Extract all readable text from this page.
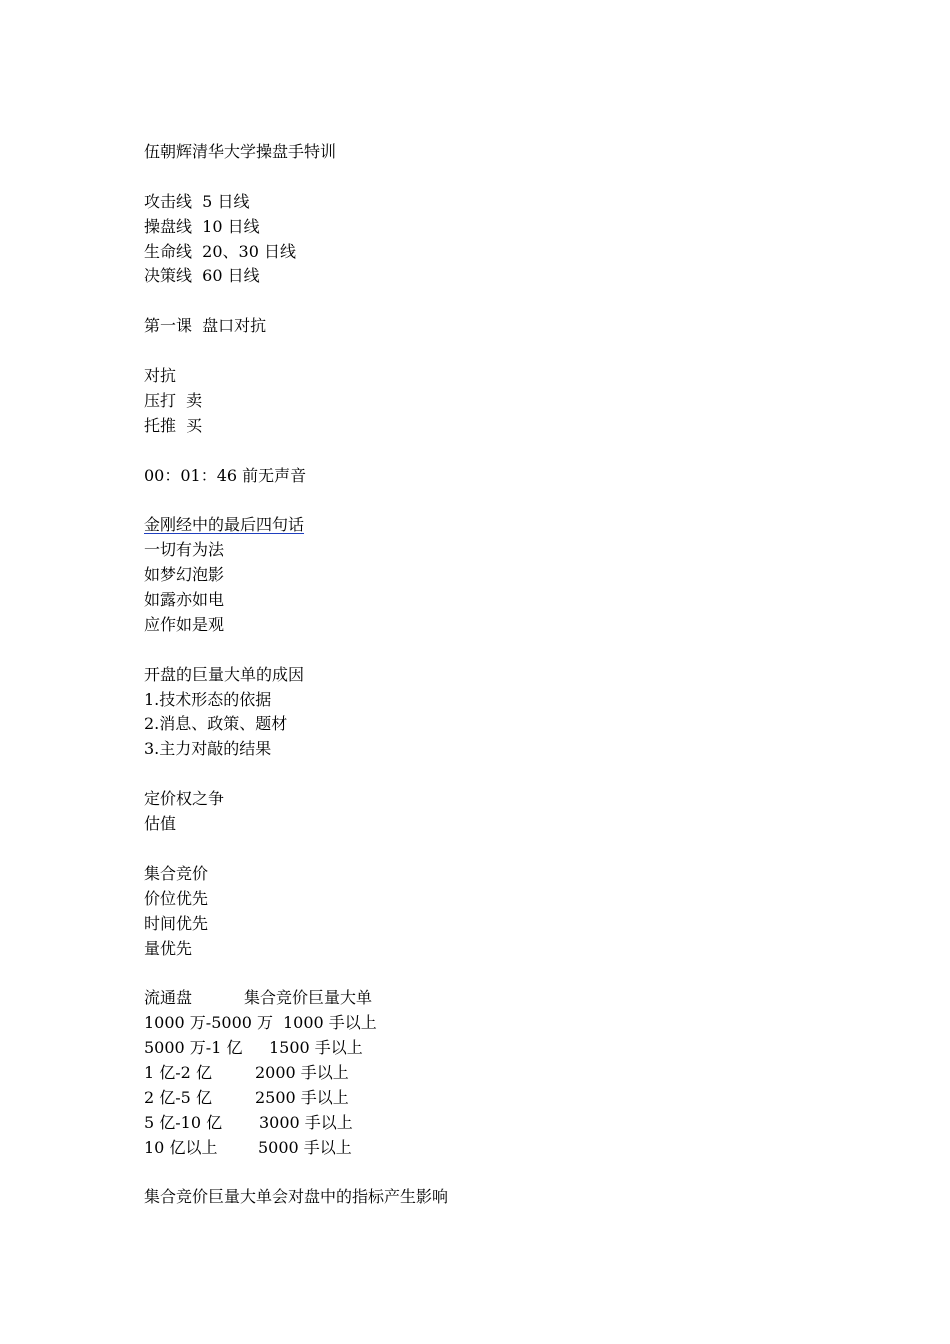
伍朝辉清华大学操盘手特训
攻击线  5 日线
操盘线  10 日线
生命线  20、30 日线
决策线  60 日线
第一课  盘口对抗
对抗
压打  卖
托推  买
00：01：46 前无声音
金刚经中的最后四句话
一切有为法
如梦幻泡影
如露亦如电
应作如是观
开盘的巨量大单的成因
1.技术形态的依据
2.消息、政策、题材
3.主力对敲的结果
定价权之争
估值
集合竞价
价位优先
时间优先
量优先
流通盘	集合竞价巨量大单
1000 万-5000 万 1000 手以上
5000 万-1 亿	1500 手以上
1 亿-2 亿	2000 手以上
2 亿-5 亿	2500 手以上
5 亿-10 亿	3000 手以上
10 亿以上	5000 手以上
集合竞价巨量大单会对盘中的指标产生影响
